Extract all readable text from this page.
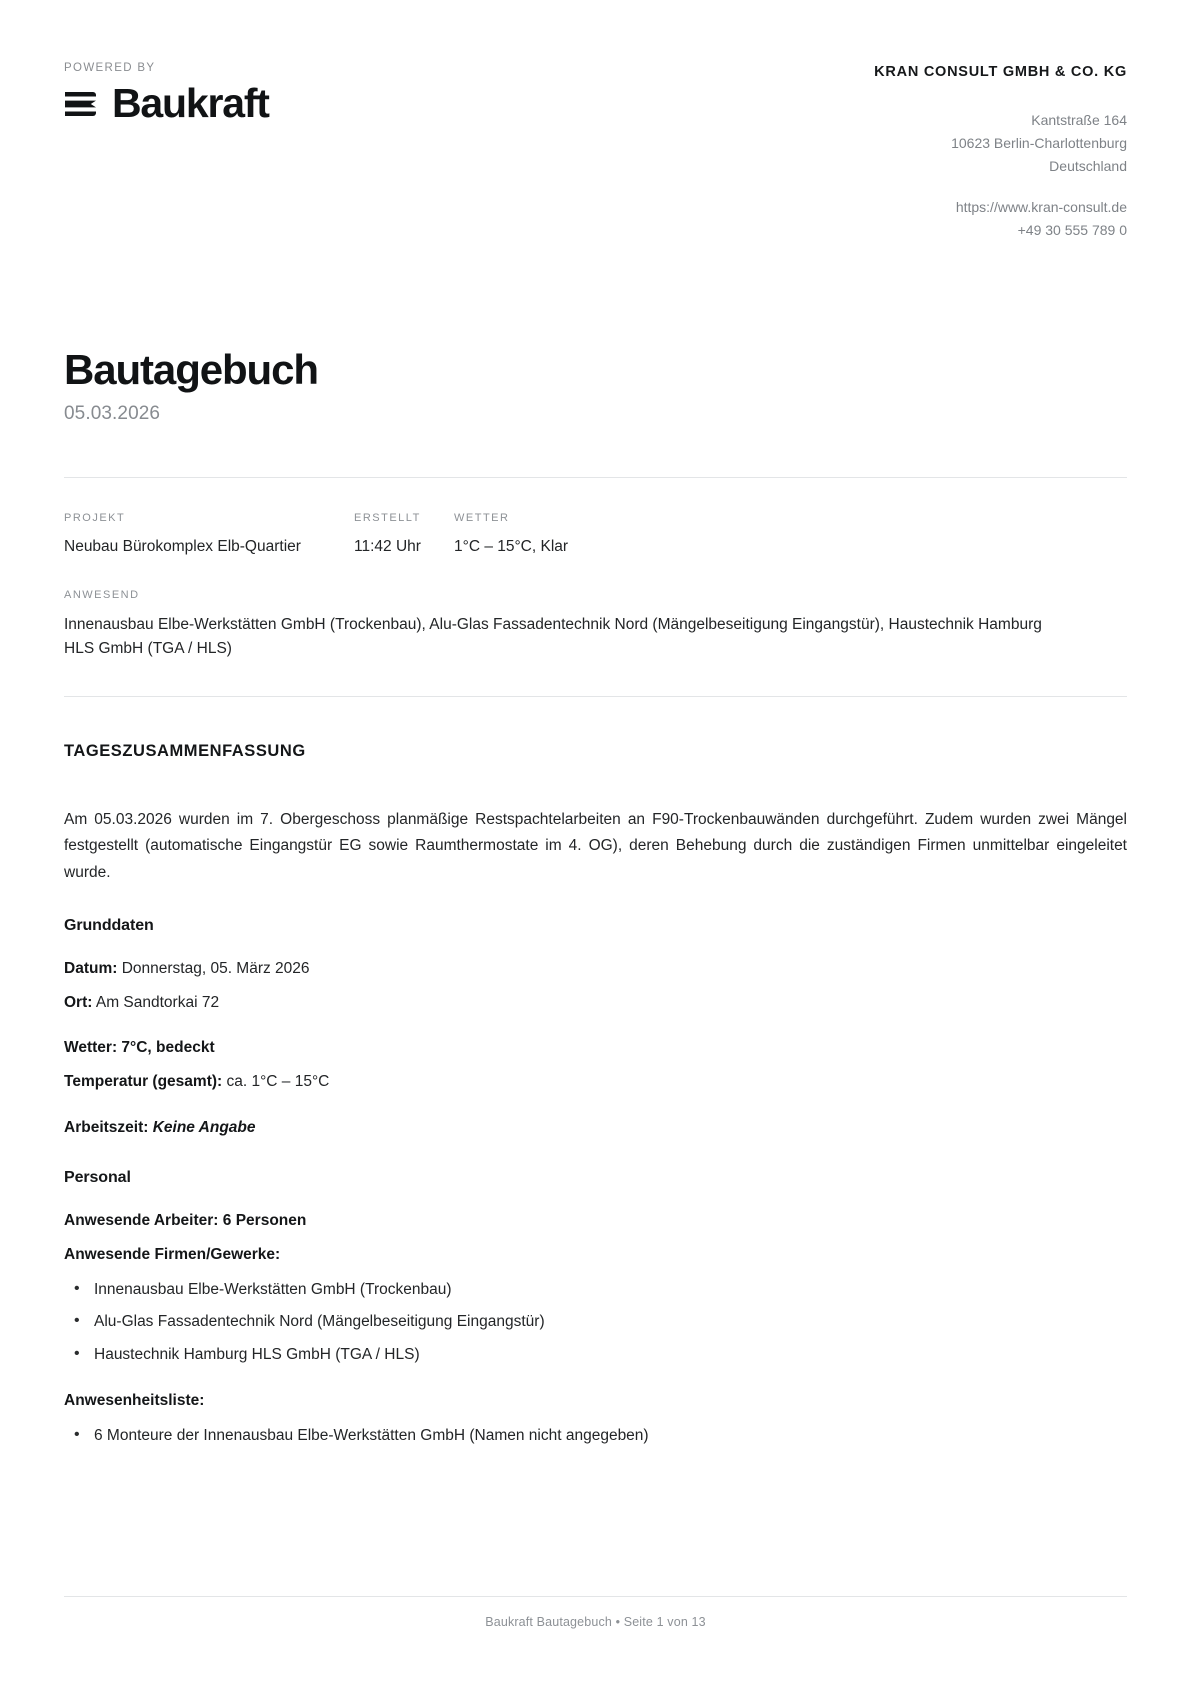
POWERED BY
Baukraft
KRAN CONSULT GMBH & CO. KG
Kantstraße 164
10623 Berlin-Charlottenburg
Deutschland
https://www.kran-consult.de
+49 30 555 789 0
Bautagebuch
05.03.2026
PROJEKT
Neubau Bürokomplex Elb-Quartier
ERSTELLT
11:42 Uhr
WETTER
1°C – 15°C, Klar
ANWESEND
Innenausbau Elbe-Werkstätten GmbH (Trockenbau), Alu-Glas Fassadentechnik Nord (Mängelbeseitigung Eingangstür), Haustechnik Hamburg HLS GmbH (TGA / HLS)
TAGESZUSAMMENFASSUNG

Am 05.03.2026 wurden im 7. Obergeschoss planmäßige Restspachtelarbeiten an F90-Trockenbauwänden durchgeführt. Zudem wurden zwei Mängel festgestellt (automatische Eingangstür EG sowie Raumthermostate im 4. OG), deren Behebung durch die zuständigen Firmen unmittelbar eingeleitet wurde.

Grunddaten
Datum: Donnerstag, 05. März 2026
Ort: Am Sandtorkai 72
Wetter: 7°C, bedeckt
Temperatur (gesamt): ca. 1°C – 15°C
Arbeitszeit: Keine Angabe
Personal
Anwesende Arbeiter: 6 Personen
Anwesende Firmen/Gewerke:
• Innenausbau Elbe-Werkstätten GmbH (Trockenbau)
• Alu-Glas Fassadentechnik Nord (Mängelbeseitigung Eingangstür)
• Haustechnik Hamburg HLS GmbH (TGA / HLS)
Anwesenheitsliste:
• 6 Monteure der Innenausbau Elbe-Werkstätten GmbH (Namen nicht angegeben)
Baukraft Bautagebuch • Seite 1 von 13
